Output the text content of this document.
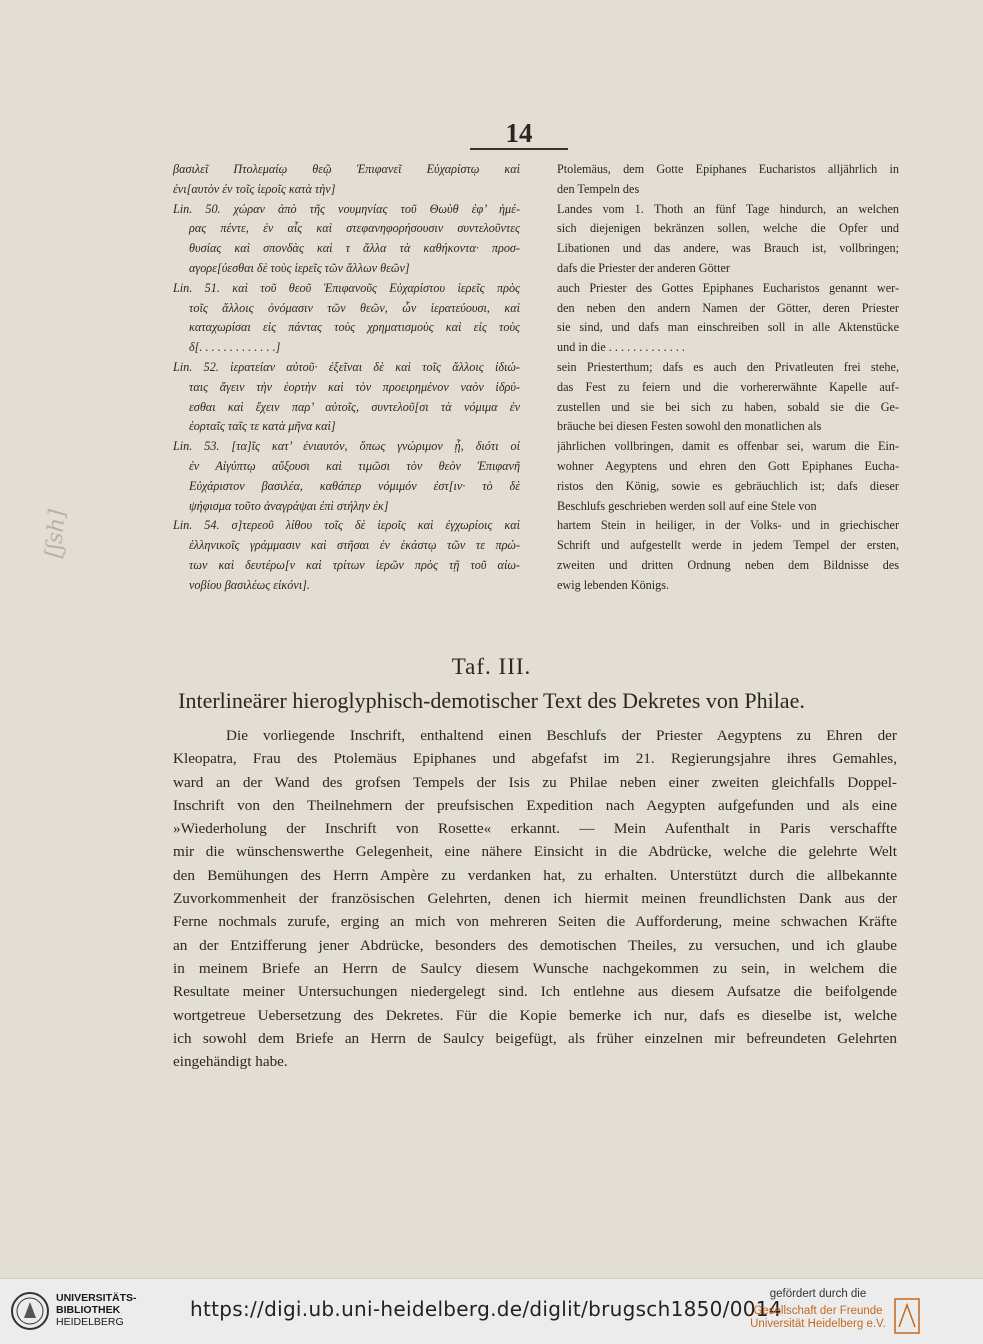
14
βασιλεῖ Πτολεμαίῳ θεῷ Ἐπιφανεῖ Εὐχαρίστῳ καὶ
ἐνι[αυτὸν ἐν τοῖς ἱεροῖς κατὰ τὴν]
Lin. 50. χώραν ἀπὸ τῆς νουμηνίας τοῦ Θωὺθ ἐφ’ ἡμέ-
ρας πέντε, ἐν αἷς καὶ στεφανηφορήσουσιν συντελοῦντες
θυσίας καὶ σπονδὰς καὶ τ ἄλλα τὰ καθήκοντα· προσ-
αγορε[ύεσθαι δὲ τοὺς ἱερεῖς τῶν ἄλλων θεῶν]
Lin. 51. καὶ τοῦ θεοῦ Ἐπιφανοῦς Εὐχαρίστου ἱερεῖς πρὸς
τοῖς ἄλλοις ὀνόμασιν τῶν θεῶν, ὧν ἱερατεύουσι, καὶ
καταχωρίσαι εἰς πάντας τοὺς χρηματισμοὺς καὶ εἰς τοὺς
δ[. . . . . . . . . . . . .]
Lin. 52. ἱερατείαν αὐτοῦ· ἐξεῖναι δὲ καὶ τοῖς ἄλλοις ἰδιώ-
ταις ἄγειν τὴν ἑορτὴν καὶ τὸν προειρημένον ναὸν ἱδρύ-
εσθαι καὶ ἔχειν παρ’ αὐτοῖς, συντελοῦ[σι τὰ νόμιμα ἐν
ἑορταῖς ταῖς τε κατὰ μῆνα καὶ]
Lin. 53. [τα]ῖς κατ’ ἐνιαυτόν, ὅπως γνώριμον ᾖ, διότι οἱ
ἐν Αἰγύπτῳ αὔξουσι καὶ τιμῶσι τὸν θεὸν Ἐπιφανῆ
Εὐχάριστον βασιλέα, καθάπερ νόμιμόν ἐστ[ιν· τὸ δὲ
ψήφισμα τοῦτο ἀναγράψαι ἐπὶ στήλην ἐκ]
Lin. 54. σ]τερεοῦ λίθου τοῖς δὲ ἱεροῖς καὶ ἐγχωρίοις καὶ
ἑλληνικοῖς γράμμασιν καὶ στῆσαι ἐν ἑκάστῳ τῶν τε πρώ-
των καὶ δευτέρω[ν καὶ τρίτων ἱερῶν πρὸς τῇ τοῦ αἰω-
νοβίου βασιλέως εἰκόνι].
Ptolemäus, dem Gotte Epiphanes Eucharistos alljährlich in
den Tempeln des
Landes vom 1. Thoth an fünf Tage hindurch, an welchen
sich diejenigen bekränzen sollen, welche die Opfer und
Libationen und das andere, was Brauch ist, vollbringen;
dafs die Priester der anderen Götter
auch Priester des Gottes Epiphanes Eucharistos genannt wer-
den neben den andern Namen der Götter, deren Priester
sie sind, und dafs man einschreiben soll in alle Aktenstücke
und in die . . . . . . . . . . . . .
sein Priesterthum; dafs es auch den Privatleuten frei stehe,
das Fest zu feiern und die vorhererwähnte Kapelle auf-
zustellen und sie bei sich zu haben, sobald sie die Ge-
bräuche bei diesen Festen sowohl den monatlichen als
jährlichen vollbringen, damit es offenbar sei, warum die Ein-
wohner Aegyptens und ehren den Gott Epiphanes Eucha-
ristos den König, sowie es gebräuchlich ist; dafs dieser
Beschlufs geschrieben werden soll auf eine Stele von
hartem Stein in heiliger, in der Volks- und in griechischer
Schrift und aufgestellt werde in jedem Tempel der ersten,
zweiten und dritten Ordnung neben dem Bildnisse des
ewig lebenden Königs.
[ʃsh]
Taf. III.
Interlineärer hieroglyphisch-demotischer Text des Dekretes von Philae.
Die vorliegende Inschrift, enthaltend einen Beschlufs der Priester Aegyptens zu Ehren der
Kleopatra, Frau des Ptolemäus Epiphanes und abgefafst im 21. Regierungsjahre ihres Gemahles,
ward an der Wand des grofsen Tempels der Isis zu Philae neben einer zweiten gleichfalls Doppel-
Inschrift von den Theilnehmern der preufsischen Expedition nach Aegypten aufgefunden und als eine
»Wiederholung der Inschrift von Rosette« erkannt. — Mein Aufenthalt in Paris verschaffte
mir die wünschenswerthe Gelegenheit, eine nähere Einsicht in die Abdrücke, welche die gelehrte Welt
den Bemühungen des Herrn Ampère zu verdanken hat, zu erhalten. Unterstützt durch die allbekannte
Zuvorkommenheit der französischen Gelehrten, denen ich hiermit meinen freundlichsten Dank aus der
Ferne nochmals zurufe, erging an mich von mehreren Seiten die Aufforderung, meine schwachen Kräfte
an der Entzifferung jener Abdrücke, besonders des demotischen Theiles, zu versuchen, und ich glaube
in meinem Briefe an Herrn de Saulcy diesem Wunsche nachgekommen zu sein, in welchem die
Resultate meiner Untersuchungen niedergelegt sind. Ich entlehne aus diesem Aufsatze die beifolgende
wortgetreue Uebersetzung des Dekretes. Für die Kopie bemerke ich nur, dafs es dieselbe ist, welche
ich sowohl dem Briefe an Herrn de Saulcy beigefügt, als früher einzelnen mir befreundeten Gelehrten
eingehändigt habe.
UNIVERSITÄTS-
BIBLIOTHEK
HEIDELBERG
https://digi.ub.uni-heidelberg.de/diglit/brugsch1850/0014
gefördert durch die
Gesellschaft der Freunde
Universität Heidelberg e.V.
